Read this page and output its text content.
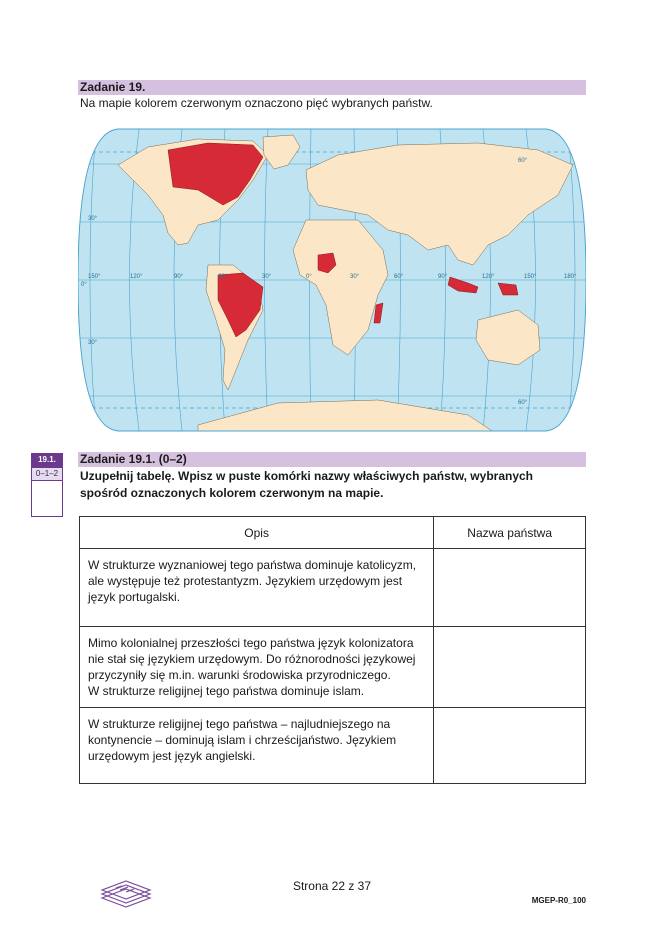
Zadanie 19.
Na mapie kolorem czerwonym oznaczono pięć wybranych państw.
150°	120°	90°	60°	30°	0°	30°	60°	90°	120°	150°	180°
60°
30°
0°
30°
60°
19.1.
0–1–2
Zadanie 19.1. (0–2)
Uzupełnij tabelę. Wpisz w puste komórki nazwy właściwych państw, wybranych
spośród oznaczonych kolorem czerwonym na mapie.
Opis	Nazwa państwa

W strukturze wyznaniowej tego państwa dominuje katolicyzm,
ale występuje też protestantyzm. Językiem urzędowym jest
język portugalski.	

Mimo kolonialnej przeszłości tego państwa język kolonizatora
nie stał się językiem urzędowym. Do różnorodności językowej
przyczyniły się m.in. warunki środowiska przyrodniczego.
W strukturze religijnej tego państwa dominuje islam.	

W strukturze religijnej tego państwa – najludniejszego na
kontynencie – dominują islam i chrześcijaństwo. Językiem
urzędowym jest język angielski.	

Strona 22 z 37
MGEP-R0_100
